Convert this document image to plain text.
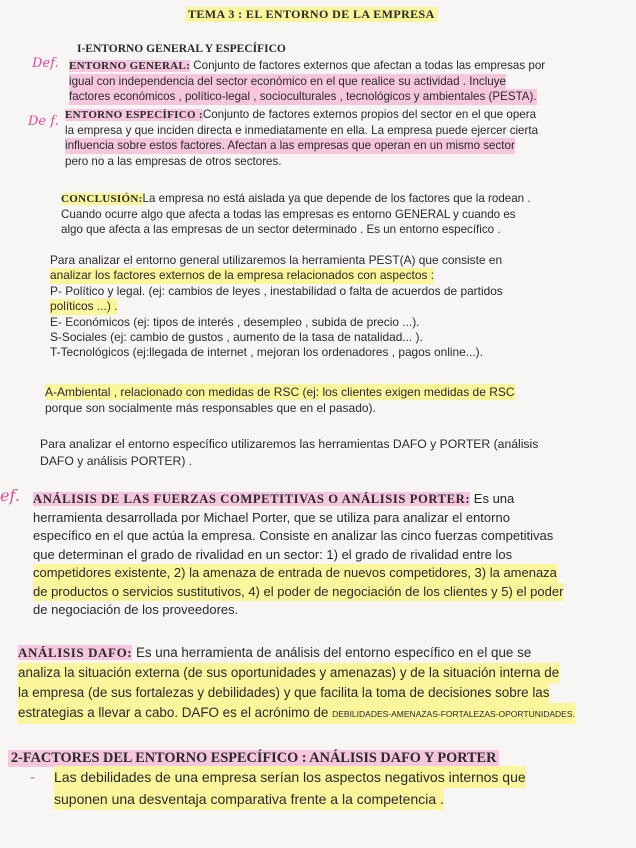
TEMA 3 : EL ENTORNO DE LA EMPRESA
I-ENTORNO GENERAL Y ESPECÍFICO
Def.
De f.
ef.
ENTORNO GENERAL: Conjunto de factores externos que afectan a todas las empresas por
igual con independencia del sector económico en el que realice su actividad . Incluye factores económicos , político-legal , socioculturales , tecnológicos y ambientales (PESTA).
ENTORNO ESPECÍFICO :Conjunto de factores externos propios del sector en el que opera
la empresa y que inciden directa e inmediatamente en ella. La empresa puede ejercer cierta
influencia sobre estos factores. Afectan a las empresas que operan en un mismo sector
pero no a las empresas de otros sectores.
CONCLUSIÓN:La empresa no está aislada ya que depende de los factores que la rodean .
Cuando ocurre algo que afecta a todas las empresas es entorno GENERAL y cuando es
algo que afecta a las empresas de un sector determinado . Es un entorno específico .
Para analizar el entorno general utilizaremos la herramienta PEST(A) que consiste en
analizar los factores externos de la empresa relacionados con aspectos :
P- Político y legal. (ej: cambios de leyes , inestabilidad o falta de acuerdos de partidos
políticos ...) .
E- Económicos (ej: tipos de interés , desempleo , subida de precio ...).
S-Sociales (ej: cambio de gustos , aumento de la tasa de natalidad... ).
T-Tecnológicos (ej:llegada de internet , mejoran los ordenadores , pagos online...).
A-Ambiental , relacionado con medidas de RSC (ej: los clientes exigen medidas de RSC
porque son socialmente más responsables que en el pasado).
Para analizar el entorno específico utilizaremos las herramientas DAFO y PORTER (análisis
DAFO y análisis PORTER) .
ANÁLISIS DE LAS FUERZAS COMPETITIVAS O ANÁLISIS PORTER: Es una
herramienta desarrollada por Michael Porter, que se utiliza para analizar el entorno
específico en el que actúa la empresa. Consiste en analizar las cinco fuerzas competitivas
que determinan el grado de rivalidad en un sector: 1) el grado de rivalidad entre los
competidores existente, 2) la amenaza de entrada de nuevos competidores, 3) la amenaza de productos o servicios sustitutivos, 4) el poder de negociación de los clientes y 5) el poder
de negociación de los proveedores.
ANÁLISIS DAFO: Es una herramienta de análisis del entorno específico en el que se
analiza la situación externa (de sus oportunidades y amenazas) y de la situación interna de la empresa (de sus fortalezas y debilidades) y que facilita la toma de decisiones sobre las estrategias a llevar a cabo. DAFO es el acrónimo de DEBILIDADES-AMENAZAS-FORTALEZAS-OPORTUNIDADES.
2-FACTORES DEL ENTORNO ESPECÍFICO : ANÁLISIS DAFO Y PORTER
- Las debilidades de una empresa serían los aspectos negativos internos que suponen una desventaja comparativa frente a la competencia .
